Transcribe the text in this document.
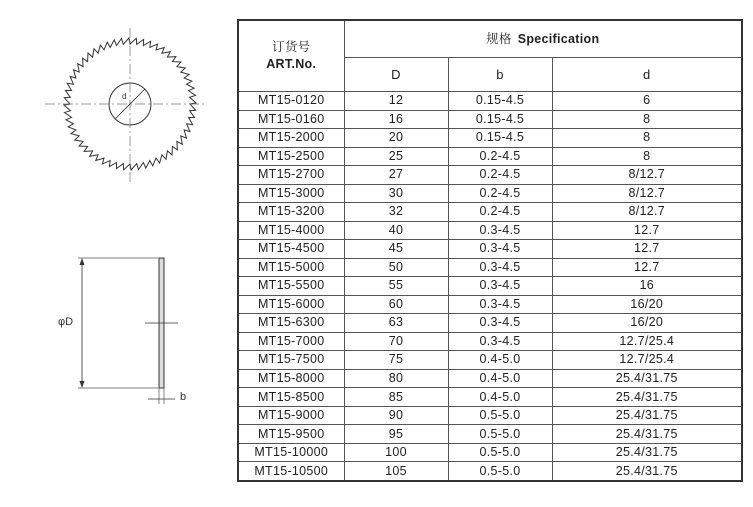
d
φD
b
订货号
ART.No.	规格 Specification		
	D	b	d
MT15-0120	12	0.15-4.5	6
MT15-0160	16	0.15-4.5	8
MT15-2000	20	0.15-4.5	8
MT15-2500	25	0.2-4.5	8
MT15-2700	27	0.2-4.5	8/12.7
MT15-3000	30	0.2-4.5	8/12.7
MT15-3200	32	0.2-4.5	8/12.7
MT15-4000	40	0.3-4.5	12.7
MT15-4500	45	0.3-4.5	12.7
MT15-5000	50	0.3-4.5	12.7
MT15-5500	55	0.3-4.5	16
MT15-6000	60	0.3-4.5	16/20
MT15-6300	63	0.3-4.5	16/20
MT15-7000	70	0.3-4.5	12.7/25.4
MT15-7500	75	0.4-5.0	12.7/25.4
MT15-8000	80	0.4-5.0	25.4/31.75
MT15-8500	85	0.4-5.0	25.4/31.75
MT15-9000	90	0.5-5.0	25.4/31.75
MT15-9500	95	0.5-5.0	25.4/31.75
MT15-10000	100	0.5-5.0	25.4/31.75
MT15-10500	105	0.5-5.0	25.4/31.75
